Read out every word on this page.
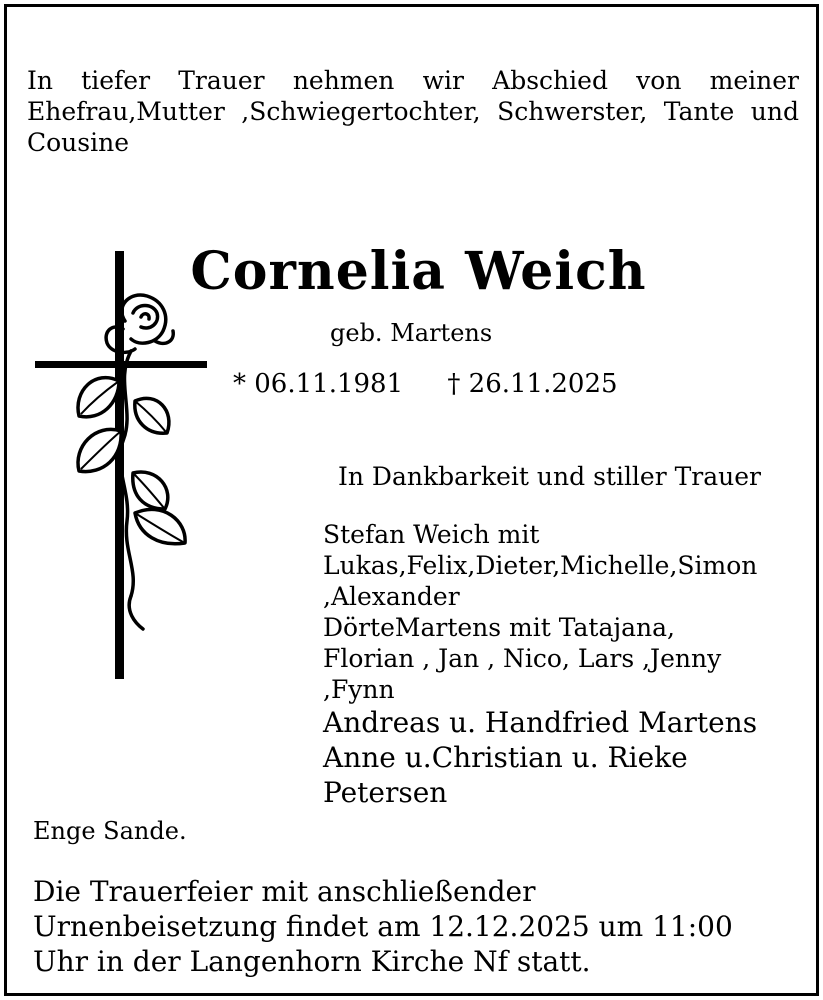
In tiefer Trauer nehmen wir Abschied von meiner Ehefrau,Mutter ,Schwiegertochter, Schwerster, Tante und Cousine
Cornelia Weich
geb. Martens
* 06.11.1981 † 26.11.2025
In Dankbarkeit und stiller Trauer
Stefan Weich mit
Lukas,Felix,Dieter,Michelle,Simon
,Alexander
DörteMartens mit Tatajana,
Florian , Jan , Nico, Lars ,Jenny
,Fynn
Andreas u. Handfried Martens
Anne u.Christian u. Rieke
Petersen
Enge Sande.
Die Trauerfeier mit anschließender
Urnenbeisetzung findet am 12.12.2025 um 11:00
Uhr in der Langenhorn Kirche Nf statt.
